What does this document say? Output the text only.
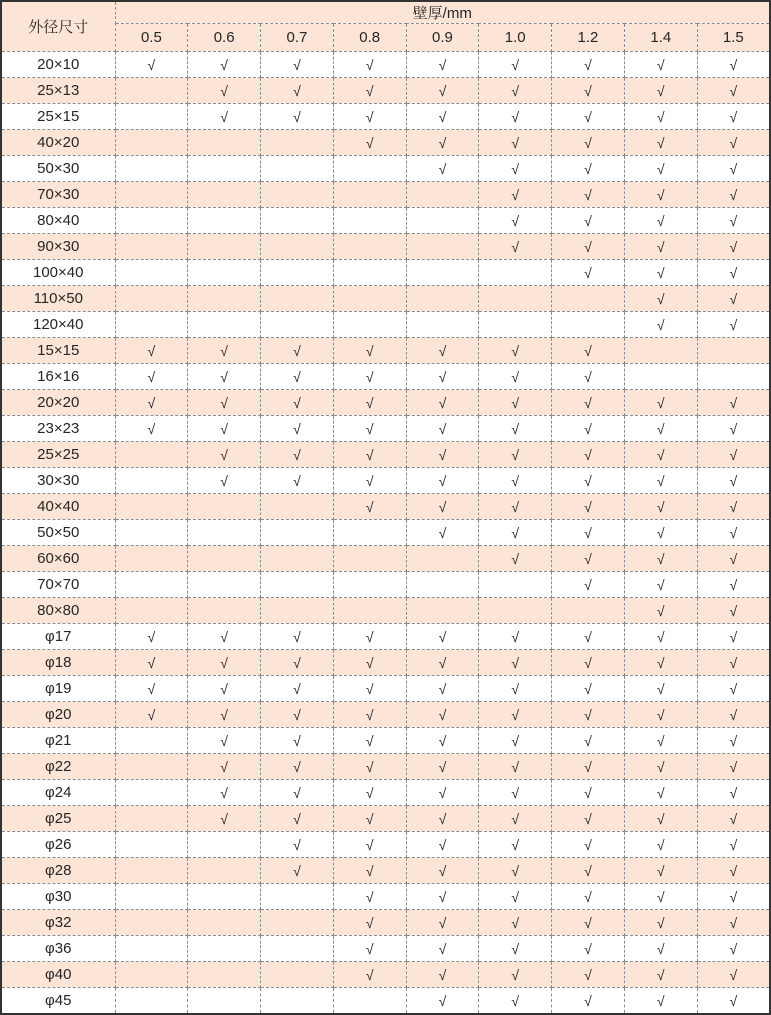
外径尺寸	壁厚/mm								
	0.5	0.6	0.7	0.8	0.9	1.0	1.2	1.4	1.5
20×10	√	√	√	√	√	√	√	√	√
25×13		√	√	√	√	√	√	√	√
25×15		√	√	√	√	√	√	√	√
40×20				√	√	√	√	√	√
50×30					√	√	√	√	√
70×30						√	√	√	√
80×40						√	√	√	√
90×30						√	√	√	√
100×40							√	√	√
110×50								√	√
120×40								√	√
15×15	√	√	√	√	√	√	√		
16×16	√	√	√	√	√	√	√		
20×20	√	√	√	√	√	√	√	√	√
23×23	√	√	√	√	√	√	√	√	√
25×25		√	√	√	√	√	√	√	√
30×30		√	√	√	√	√	√	√	√
40×40				√	√	√	√	√	√
50×50					√	√	√	√	√
60×60						√	√	√	√
70×70							√	√	√
80×80								√	√
φ17	√	√	√	√	√	√	√	√	√
φ18	√	√	√	√	√	√	√	√	√
φ19	√	√	√	√	√	√	√	√	√
φ20	√	√	√	√	√	√	√	√	√
φ21		√	√	√	√	√	√	√	√
φ22		√	√	√	√	√	√	√	√
φ24		√	√	√	√	√	√	√	√
φ25		√	√	√	√	√	√	√	√
φ26			√	√	√	√	√	√	√
φ28			√	√	√	√	√	√	√
φ30				√	√	√	√	√	√
φ32				√	√	√	√	√	√
φ36				√	√	√	√	√	√
φ40				√	√	√	√	√	√
φ45					√	√	√	√	√
